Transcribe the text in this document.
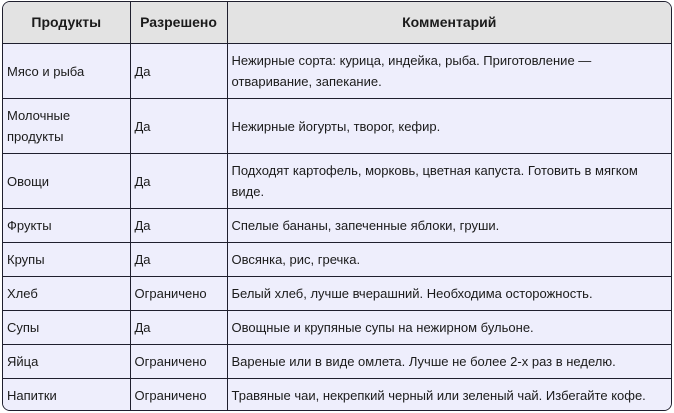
Продукты	Разрешено	Комментарий
Мясо и рыба	Да	Нежирные сорта: курица, индейка, рыба. Приготовление — отваривание, запекание.
Молочные продукты	Да	Нежирные йогурты, творог, кефир.
Овощи	Да	Подходят картофель, морковь, цветная капуста. Готовить в мягком виде.
Фрукты	Да	Спелые бананы, запеченные яблоки, груши.
Крупы	Да	Овсянка, рис, гречка.
Хлеб	Ограничено	Белый хлеб, лучше вчерашний. Необходима осторожность.
Супы	Да	Овощные и крупяные супы на нежирном бульоне.
Яйца	Ограничено	Вареные или в виде омлета. Лучше не более 2-х раз в неделю.
Напитки	Ограничено	Травяные чаи, некрепкий черный или зеленый чай. Избегайте кофе.
